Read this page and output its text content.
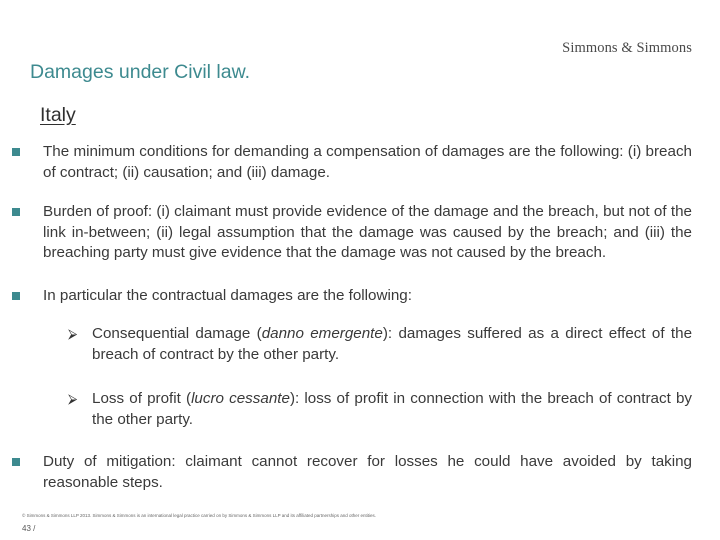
Simmons & Simmons
Damages under Civil law.
Italy
The minimum conditions for demanding a compensation of damages are the following: (i) breach of contract; (ii) causation; and (iii) damage.
Burden of proof: (i) claimant must provide evidence of the damage and the breach, but not of the link in-between; (ii) legal assumption that the damage was caused by the breach; and (iii) the breaching party must give evidence that the damage was not caused by the breach.
In particular the contractual damages are the following:
⮚ Consequential damage (danno emergente): damages suffered as a direct effect of the breach of contract by the other party.
⮚ Loss of profit (lucro cessante): loss of profit in connection with the breach of contract by the other party.
Duty of mitigation: claimant cannot recover for losses he could have avoided by taking reasonable steps.
© Simmons & Simmons LLP 2013. Simmons & Simmons is an international legal practice carried on by Simmons & Simmons LLP and its affiliated partnerships and other entities.
43 /
